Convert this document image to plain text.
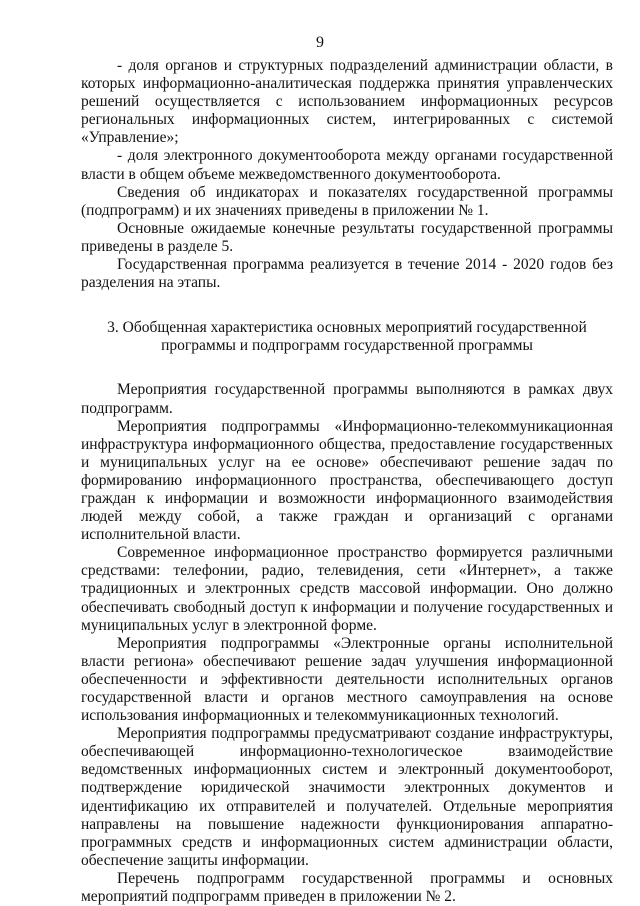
9

- доля органов и структурных подразделений администрации области, в которых информационно-аналитическая поддержка принятия управленческих решений осуществляется с использованием информационных ресурсов региональных информационных систем, интегрированных с системой «Управление»;

- доля электронного документооборота между органами государственной власти в общем объеме межведомственного документооборота.

Сведения об индикаторах и показателях государственной программы (подпрограмм) и их значениях приведены в приложении № 1.

Основные ожидаемые конечные результаты государственной программы приведены в разделе 5.

Государственная программа реализуется в течение 2014 - 2020 годов без разделения на этапы.

3. Обобщенная характеристика основных мероприятий государственной
программы и подпрограмм государственной программы

Мероприятия государственной программы выполняются в рамках двух подпрограмм.

Мероприятия подпрограммы «Информационно-телекоммуникационная инфраструктура информационного общества, предоставление государственных и муниципальных услуг на ее основе» обеспечивают решение задач по формированию информационного пространства, обеспечивающего доступ граждан к информации и возможности информационного взаимодействия людей между собой, а также граждан и организаций с органами исполнительной власти.

Современное информационное пространство формируется различными средствами: телефонии, радио, телевидения, сети «Интернет», а также традиционных и электронных средств массовой информации. Оно должно обеспечивать свободный доступ к информации и получение государственных и муниципальных услуг в электронной форме.

Мероприятия подпрограммы «Электронные органы исполнительной власти региона» обеспечивают решение задач улучшения информационной обеспеченности и эффективности деятельности исполнительных органов государственной власти и органов местного самоуправления на основе использования информационных и телекоммуникационных технологий.

Мероприятия подпрограммы предусматривают создание инфраструктуры, обеспечивающей информационно-технологическое взаимодействие ведомственных информационных систем и электронный документооборот, подтверждение юридической значимости электронных документов и идентификацию их отправителей и получателей. Отдельные мероприятия направлены на повышение надежности функционирования аппаратно-программных средств и информационных систем администрации области, обеспечение защиты информации.

Перечень подпрограмм государственной программы и основных мероприятий подпрограмм приведен в приложении № 2.
